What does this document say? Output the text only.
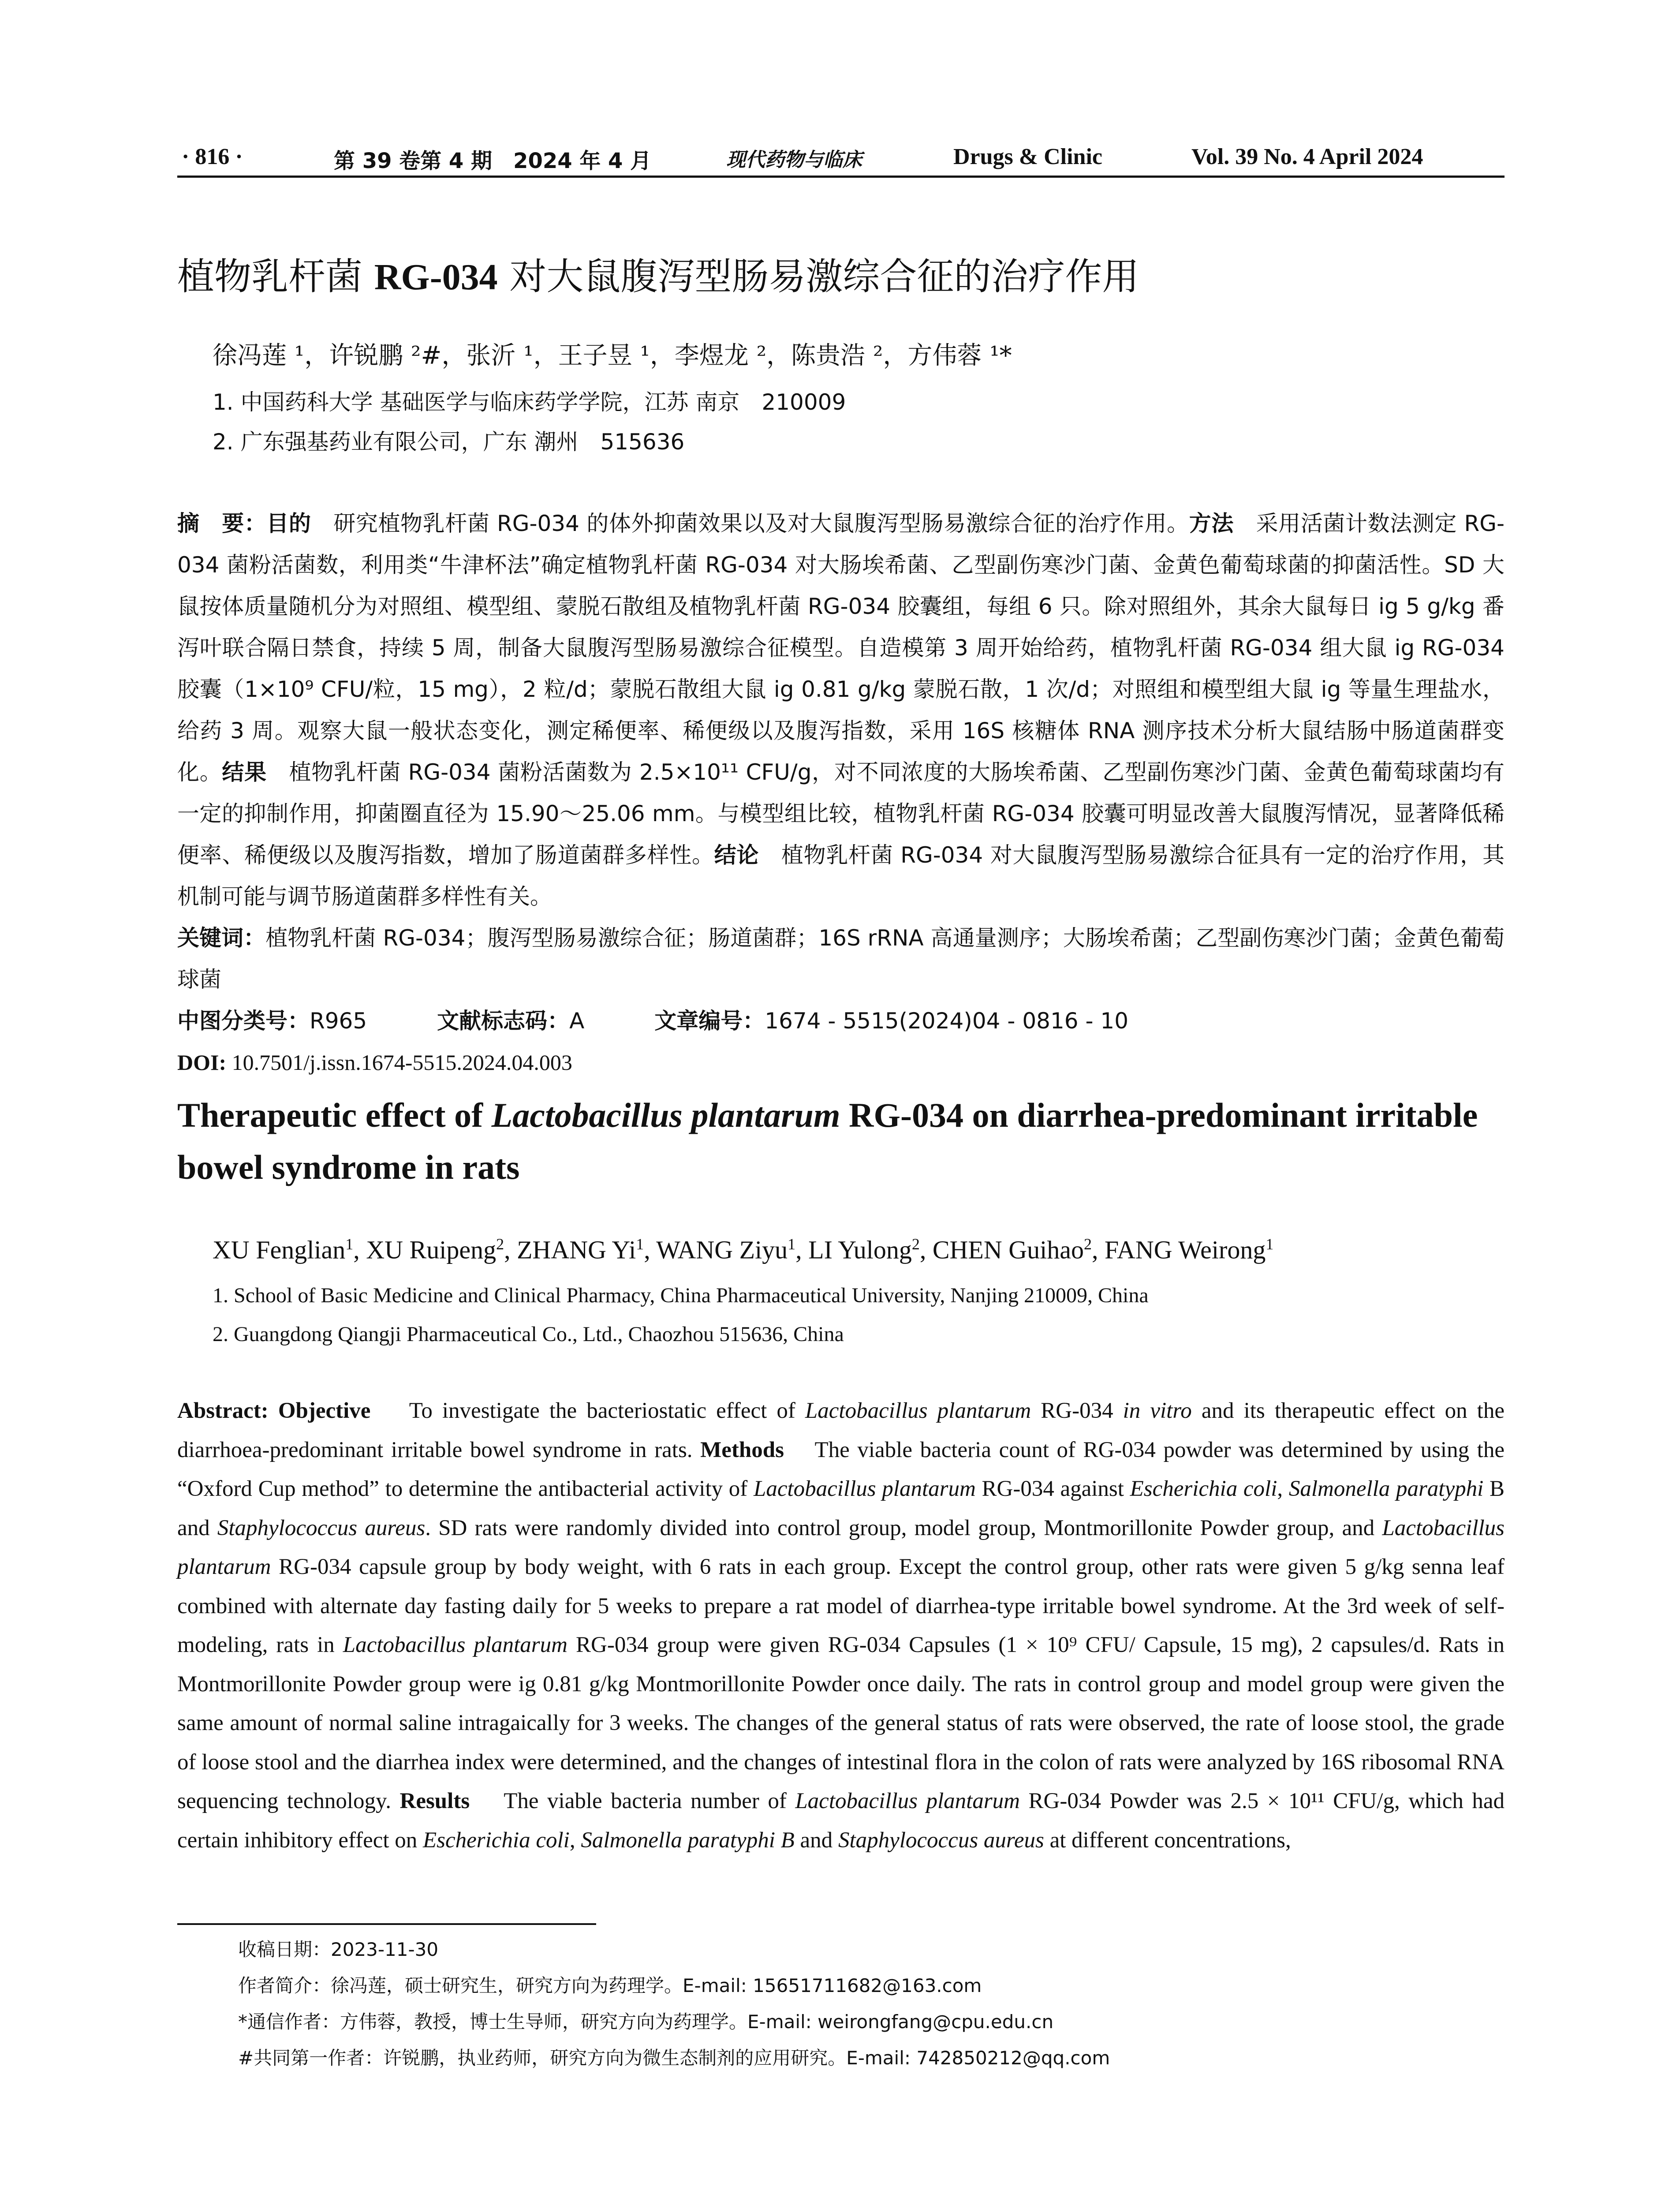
· 816 ·	第 39 卷第 4 期　2024 年 4 月	现代药物与临床	Drugs & Clinic	Vol. 39 No. 4 April 2024
植物乳杆菌 RG-034 对大鼠腹泻型肠易激综合征的治疗作用
徐冯莲 ¹，许锐鹏 ²#，张沂 ¹，王子昱 ¹，李煜龙 ²，陈贵浩 ²，方伟蓉 ¹*
1. 中国药科大学 基础医学与临床药学学院，江苏 南京　210009
2. 广东强基药业有限公司，广东 潮州　515636

摘　要：目的　研究植物乳杆菌 RG-034 的体外抑菌效果以及对大鼠腹泻型肠易激综合征的治疗作用。方法　采用活菌计数法测定 RG-034 菌粉活菌数，利用类“牛津杯法”确定植物乳杆菌 RG-034 对大肠埃希菌、乙型副伤寒沙门菌、金黄色葡萄球菌的抑菌活性。SD 大鼠按体质量随机分为对照组、模型组、蒙脱石散组及植物乳杆菌 RG-034 胶囊组，每组 6 只。除对照组外，其余大鼠每日 ig 5 g/kg 番泻叶联合隔日禁食，持续 5 周，制备大鼠腹泻型肠易激综合征模型。自造模第 3 周开始给药，植物乳杆菌 RG-034 组大鼠 ig RG-034 胶囊（1×10⁹ CFU/粒，15 mg），2 粒/d；蒙脱石散组大鼠 ig 0.81 g/kg 蒙脱石散，1 次/d；对照组和模型组大鼠 ig 等量生理盐水，给药 3 周。观察大鼠一般状态变化，测定稀便率、稀便级以及腹泻指数，采用 16S 核糖体 RNA 测序技术分析大鼠结肠中肠道菌群变化。结果　植物乳杆菌 RG-034 菌粉活菌数为 2.5×10¹¹ CFU/g，对不同浓度的大肠埃希菌、乙型副伤寒沙门菌、金黄色葡萄球菌均有一定的抑制作用，抑菌圈直径为 15.90～25.06 mm。与模型组比较，植物乳杆菌 RG-034 胶囊可明显改善大鼠腹泻情况，显著降低稀便率、稀便级以及腹泻指数，增加了肠道菌群多样性。结论　植物乳杆菌 RG-034 对大鼠腹泻型肠易激综合征具有一定的治疗作用，其机制可能与调节肠道菌群多样性有关。

关键词：植物乳杆菌 RG-034；腹泻型肠易激综合征；肠道菌群；16S rRNA 高通量测序；大肠埃希菌；乙型副伤寒沙门菌；金黄色葡萄球菌

中图分类号：R965	文献标志码：A	文章编号：1674 - 5515(2024)04 - 0816 - 10

DOI: 10.7501/j.issn.1674-5515.2024.04.003

Therapeutic effect of Lactobacillus plantarum RG-034 on diarrhea-predominant irritable bowel syndrome in rats
XU Fenglian$^1$, XU Ruipeng$^2$, ZHANG Yi$^1$, WANG Ziyu$^1$, LI Yulong$^2$, CHEN Guihao$^2$, FANG Weirong$^1$
1. School of Basic Medicine and Clinical Pharmacy, China Pharmaceutical University, Nanjing 210009, China
2. Guangdong Qiangji Pharmaceutical Co., Ltd., Chaozhou 515636, China
Abstract: Objective    To investigate the bacteriostatic effect of Lactobacillus plantarum RG-034 in vitro and its therapeutic effect on the diarrhoea-predominant irritable bowel syndrome in rats. Methods    The viable bacteria count of RG-034 powder was determined by using the “Oxford Cup method” to determine the antibacterial activity of Lactobacillus plantarum RG-034 against Escherichia coli, Salmonella paratyphi B and Staphylococcus aureus. SD rats were randomly divided into control group, model group, Montmorillonite Powder group, and Lactobacillus plantarum RG-034 capsule group by body weight, with 6 rats in each group. Except the control group, other rats were given 5 g/kg senna leaf combined with alternate day fasting daily for 5 weeks to prepare a rat model of diarrhea-type irritable bowel syndrome. At the 3rd week of self-modeling, rats in Lactobacillus plantarum RG-034 group were given RG-034 Capsules (1 × 10⁹ CFU/ Capsule, 15 mg), 2 capsules/d. Rats in Montmorillonite Powder group were ig 0.81 g/kg Montmorillonite Powder once daily. The rats in control group and model group were given the same amount of normal saline intragaically for 3 weeks. The changes of the general status of rats were observed, the rate of loose stool, the grade of loose stool and the diarrhea index were determined, and the changes of intestinal flora in the colon of rats were analyzed by 16S ribosomal RNA sequencing technology. Results    The viable bacteria number of Lactobacillus plantarum RG-034 Powder was 2.5 × 10¹¹ CFU/g, which had certain inhibitory effect on Escherichia coli, Salmonella paratyphi B and Staphylococcus aureus at different concentrations,
收稿日期：2023-11-30
作者简介：徐冯莲，硕士研究生，研究方向为药理学。E-mail: 15651711682@163.com
*通信作者：方伟蓉，教授，博士生导师，研究方向为药理学。E-mail: weirongfang@cpu.edu.cn
#共同第一作者：许锐鹏，执业药师，研究方向为微生态制剂的应用研究。E-mail: 742850212@qq.com
